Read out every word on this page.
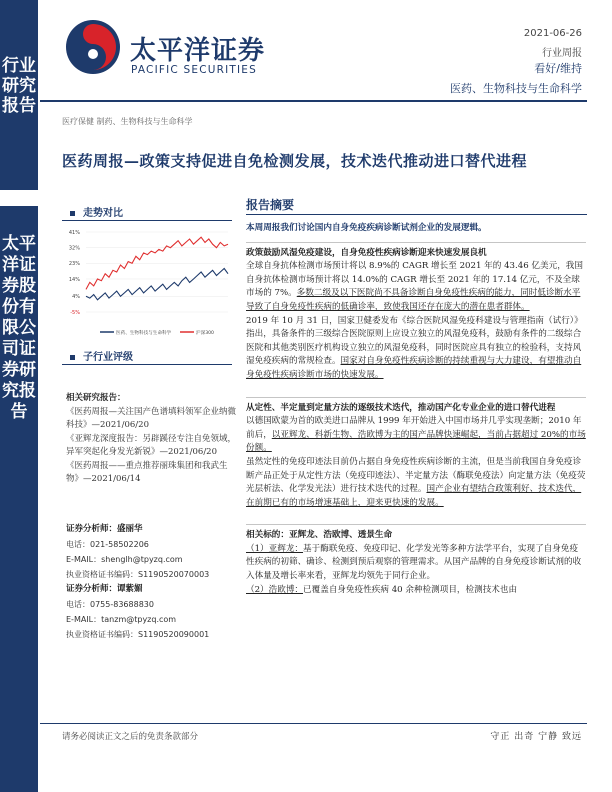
行业研究报告
太平洋证券股份有限公司证券研究报告
太平洋证券
PACIFIC SECURITIES
2021-06-26
行业周报
看好/维持
医药、生物科技与生命科学
医疗保健 制药、生物科技与生命科学
医药周报—政策支持促进自免检测发展，技术迭代推动进口替代进程
走势对比
41%
32%
23%
14%
4%
-5%
医药、生物科技与生命科学	沪深300
子行业评级
相关研究报告：
《医药周报—关注国产色谱填料领军企业纳微科技》—2021/06/20
《亚辉龙深度报告：另辟蹊径专注自免领域，异军突起化身发光新锐》—2021/06/20
《医药周报——重点推荐丽珠集团和我武生物》—2021/06/14
证券分析师：盛丽华
电话：021-58502206
E-MAIL：shenglh@tpyzq.com
执业资格证书编码：S1190520070003
证券分析师：谭紫媚
电话：0755-83688830
E-MAIL：tanzm@tpyzq.com
执业资格证书编码：S1190520090001
报告摘要

本周周报我们讨论国内自身免疫疾病诊断试剂企业的发展逻辑。

政策鼓励风湿免疫建设，自身免疫性疾病诊断迎来快速发展良机

全球自身抗体检测市场预计将以 8.9%的 CAGR 增长至 2021 年的 43.46 亿美元，我国自身抗体检测市场预计将以 14.0%的 CAGR 增长至 2021 年的 17.14 亿元，不及全球市场的 7%。多数二级及以下医院尚不具备诊断自身免疫性疾病的能力，同时低诊断水平导致了自身免疫性疾病的低确诊率，致使我国还存在庞大的潜在患者群体。

2019 年 10 月 31 日，国家卫健委发布《综合医院风湿免疫科建设与管理指南（试行）》指出，具备条件的三级综合医院原则上应设立独立的风湿免疫科，鼓励有条件的二级综合医院和其他类别医疗机构设立独立的风湿免疫科，同时医院应具有独立的检验科，支持风湿免疫疾病的常规检查。国家对自身免疫性疾病诊断的持续重视与大力建设，有望推动自身免疫性疾病诊断市场的快速发展。

从定性、半定量到定量方法的逐级技术迭代，推动国产化专业企业的进口替代进程

以德国欧蒙为首的欧美进口品牌从 1999 年开始进入中国市场并几乎实现垄断；2010 年前后，以亚辉龙、科新生物、浩欧博为主的国产品牌快速崛起，当前占据超过 20%的市场份额。

虽然定性的免疫印迹法目前仍占据自身免疫性疾病诊断的主流，但是当前我国自身免疫诊断产品正处于从定性方法（免疫印迹法）、半定量方法（酶联免疫法）向定量方法（免疫荧光层析法、化学发光法）进行技术迭代的过程。国产企业有望结合政策利好、技术迭代，在前期已有的市场增速基础上，迎来更快速的发展。

相关标的：亚辉龙、浩欧博、透景生命

（1）亚辉龙：基于酶联免疫、免疫印记、化学发光等多种方法学平台，实现了自身免疫性疾病的初筛、确诊、检测到预后观察的管理需求。从国产品牌的自身免疫诊断试剂的收入体量及增长率来看，亚辉龙均领先于同行企业。

（2）浩欧博：已覆盖自身免疫性疾病 40 余种检测项目，检测技术也由

请务必阅读正文之后的免责条款部分	守正 出奇 宁静 致远
